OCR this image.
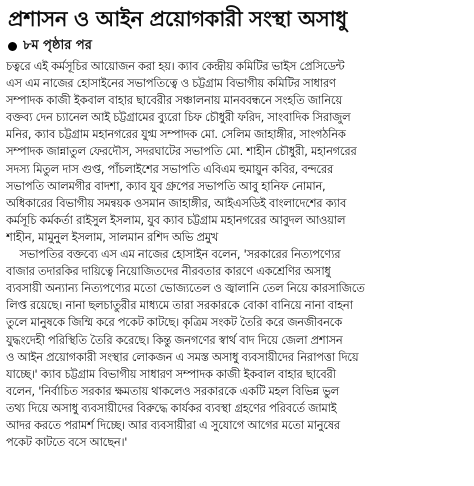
প্রশাসন ও আইন প্রয়োগকারী সংস্থা অসাধু
৮ম পৃষ্ঠার পর
চত্বরে এই কর্মসূচির আয়োজন করা হয়। ক্যাব কেন্দ্রীয় কমিটির ভাইস প্রেসিডেন্ট
এস এম নাজের হোসাইনের সভাপতিত্বে ও চট্টগ্রাম বিভাগীয় কমিটির সাধারণ
সম্পাদক কাজী ইকবাল বাহার ছাবেরীর সঞ্চালনায় মানববন্ধনে সংহতি জানিয়ে
বক্তব্য দেন চ্যানেল আই চট্টগ্রামের ব্যুরো চিফ চৌধুরী ফরিদ, সাংবাদিক সিরাজুল
মনির, ক্যাব চট্টগ্রাম মহানগরের যুগ্ম সম্পাদক মো. সেলিম জাহাঙ্গীর, সাংগঠনিক
সম্পাদক জান্নাতুল ফেরদৌস, সদরঘাটের সভাপতি মো. শাহীন চৌধুরী, মহানগরের
সদস্য মিতুল দাস গুপ্ত, পাঁচলাইশের সভাপতি এবিএম হুমায়ুন কবির, বন্দরের
সভাপতি আলমগীর বাদশা, ক্যাব যুব গ্রুপের সভাপতি আবু হানিফ নোমান,
অধিকারের বিভাগীয় সমন্বয়ক ওসমান জাহাঙ্গীর, আইএসডিই বাংলাদেশের ক্যাব
কর্মসূচি কর্মকর্তা রাইসুল ইসলাম, যুব ক্যাব চট্টগ্রাম মহানগরের আবুদল আওয়াল
শাহীন, মামুনুল ইসলাম, সালমান রশিদ অভি প্রমুখ
সভাপতির বক্তব্যে এস এম নাজের হোসাইন বলেন, 'সরকারের নিত্যপণ্যের
বাজার তদারকির দায়িত্বে নিয়োজিতদের নীরবতার কারণে একশ্রেণির অসাধু
ব্যবসায়ী অন্যান্য নিত্যপণ্যের মতো ভোজ্যতেল ও জ্বালানি তেল নিয়ে কারসাজিতে
লিপ্ত রয়েছে। নানা ছলচাতুরীর মাধ্যমে তারা সরকারকে বোকা বানিয়ে নানা বাহনা
তুলে মানুষকে জিম্মি করে পকেট কাটছে। কৃত্রিম সংকট তৈরি করে জনজীবনকে
যুদ্ধংদেহী পরিস্থিতি তৈরি করেছে। কিন্তু জনগণের স্বার্থ বাদ দিয়ে জেলা প্রশাসন
ও আইন প্রয়োগকারী সংস্থার লোকজন এ সমস্ত অসাধু ব্যবসায়ীদের নিরাপত্তা দিয়ে
যাচ্ছে।' ক্যাব চট্টগ্রাম বিভাগীয় সাধারণ সম্পাদক কাজী ইকবাল বাহার ছাবেরী
বলেন, 'নির্বাচিত সরকার ক্ষমতায় থাকলেও সরকারকে একটি মহল বিভিন্ন ভুল
তথ্য দিয়ে অসাধু ব্যবসায়ীদের বিরুদ্ধে কার্যকর ব্যবস্থা গ্রহণের পরিবর্তে জামাই
আদর করতে পরামর্শ দিচ্ছে। আর ব্যবসায়ীরা এ সুযোগে আগের মতো মানুষের
পকেট কাটতে বসে আছেন।'
